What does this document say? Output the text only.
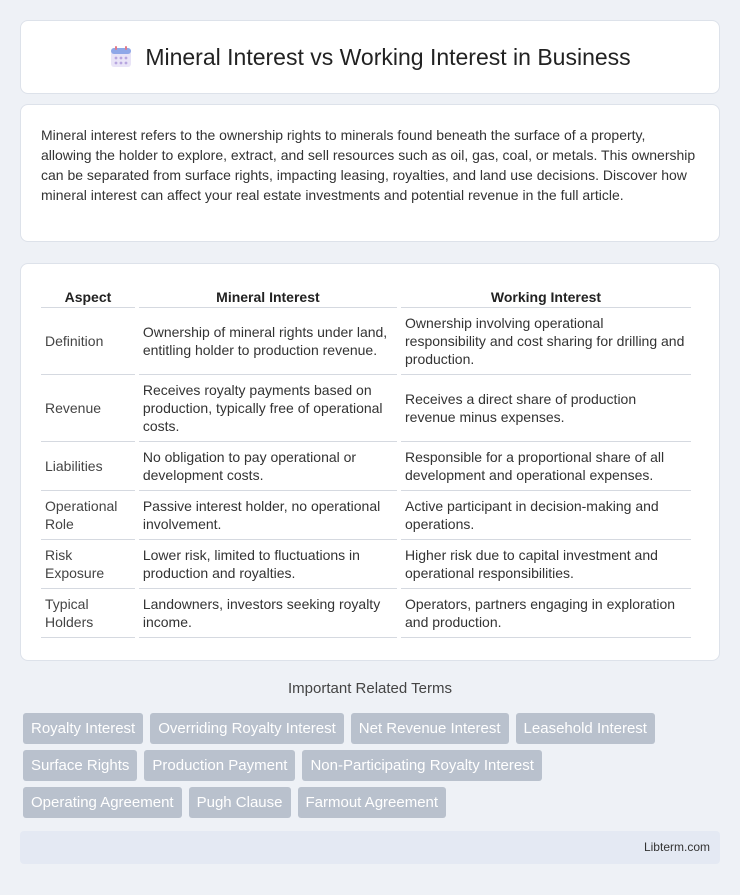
Mineral Interest vs Working Interest in Business

Mineral interest refers to the ownership rights to minerals found beneath the surface of a property, allowing the holder to explore, extract, and sell resources such as oil, gas, coal, or metals. This ownership can be separated from surface rights, impacting leasing, royalties, and land use decisions. Discover how mineral interest can affect your real estate investments and potential revenue in the full article.

Aspect	Mineral Interest	Working Interest
Definition	Ownership of mineral rights under land, entitling holder to production revenue.	Ownership involving operational responsibility and cost sharing for drilling and production.
Revenue	Receives royalty payments based on production, typically free of operational costs.	Receives a direct share of production revenue minus expenses.
Liabilities	No obligation to pay operational or development costs.	Responsible for a proportional share of all development and operational expenses.
Operational Role	Passive interest holder, no operational involvement.	Active participant in decision-making and operations.
Risk Exposure	Lower risk, limited to fluctuations in production and royalties.	Higher risk due to capital investment and operational responsibilities.
Typical Holders	Landowners, investors seeking royalty income.	Operators, partners engaging in exploration and production.
Important Related Terms
Royalty Interest	Overriding Royalty Interest	Net Revenue Interest	Leasehold Interest
Surface Rights	Production Payment	Non-Participating Royalty Interest
Operating Agreement	Pugh Clause	Farmout Agreement
Libterm.com
